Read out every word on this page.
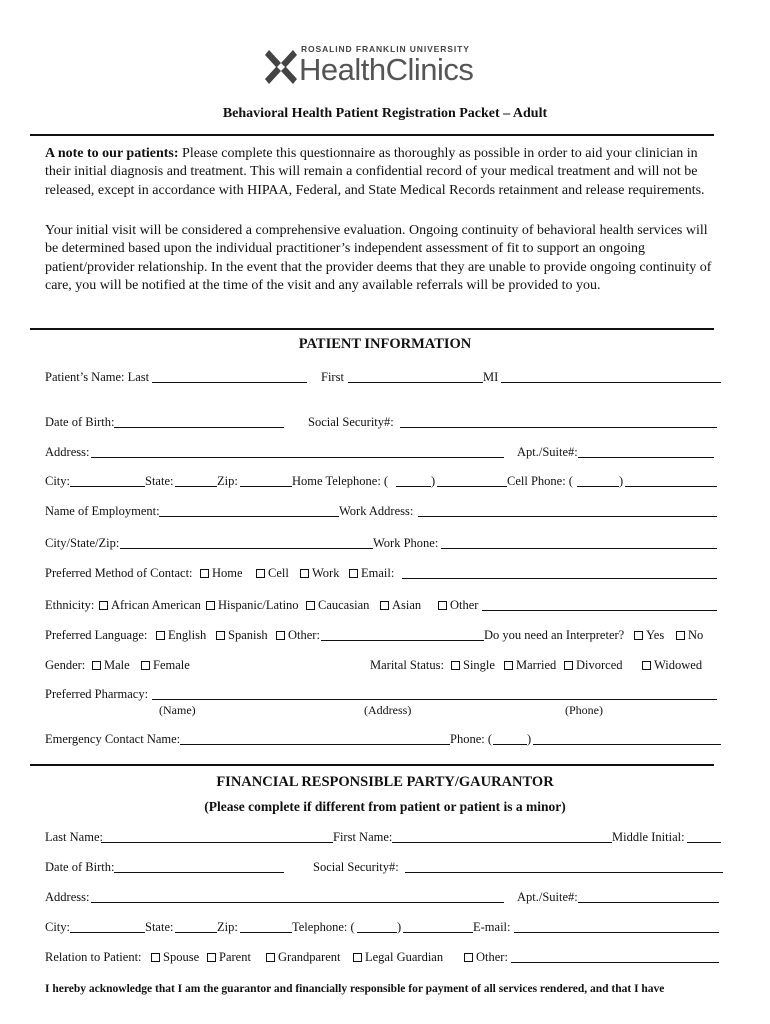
ROSALIND FRANKLIN UNIVERSITY
HealthClinics
Behavioral Health Patient Registration Packet – Adult
A note to our patients: Please complete this questionnaire as thoroughly as possible in order to aid your clinician in their initial diagnosis and treatment. This will remain a confidential record of your medical treatment and will not be released, except in accordance with HIPAA, Federal, and State Medical Records retainment and release requirements.
Your initial visit will be considered a comprehensive evaluation. Ongoing continuity of behavioral health services will be determined based upon the individual practitioner’s independent assessment of fit to support an ongoing patient/provider relationship. In the event that the provider deems that they are unable to provide ongoing continuity of care, you will be notified at the time of the visit and any available referrals will be provided to you.
PATIENT INFORMATION
Patient’s Name: Last	First	MI
Date of Birth:	Social Security#:
Address:	Apt./Suite#:
City:	State:	Zip:	Home Telephone: (	)	Cell Phone: (	)
Name of Employment:	Work Address:
City/State/Zip:	Work Phone:
Preferred Method of Contact:	Home	Cell	Work	Email:
Ethnicity:	African American	Hispanic/Latino	Caucasian	Asian	Other
Preferred Language:	English	Spanish	Other:	Do you need an Interpreter?	Yes	No
Gender:	Male	Female	Marital Status:	Single	Married	Divorced	Widowed
Preferred Pharmacy:
(Name)	(Address)	(Phone)
Emergency Contact Name:	Phone: (	)
FINANCIAL RESPONSIBLE PARTY/GAURANTOR
(Please complete if different from patient or patient is a minor)
Last Name:	First Name:	Middle Initial:
Date of Birth:	Social Security#:
Address:	Apt./Suite#:
City:	State:	Zip:	Telephone: (	)	E-mail:
Relation to Patient:	Spouse	Parent	Grandparent	Legal Guardian	Other:
I hereby acknowledge that I am the guarantor and financially responsible for payment of all services rendered, and that I have
